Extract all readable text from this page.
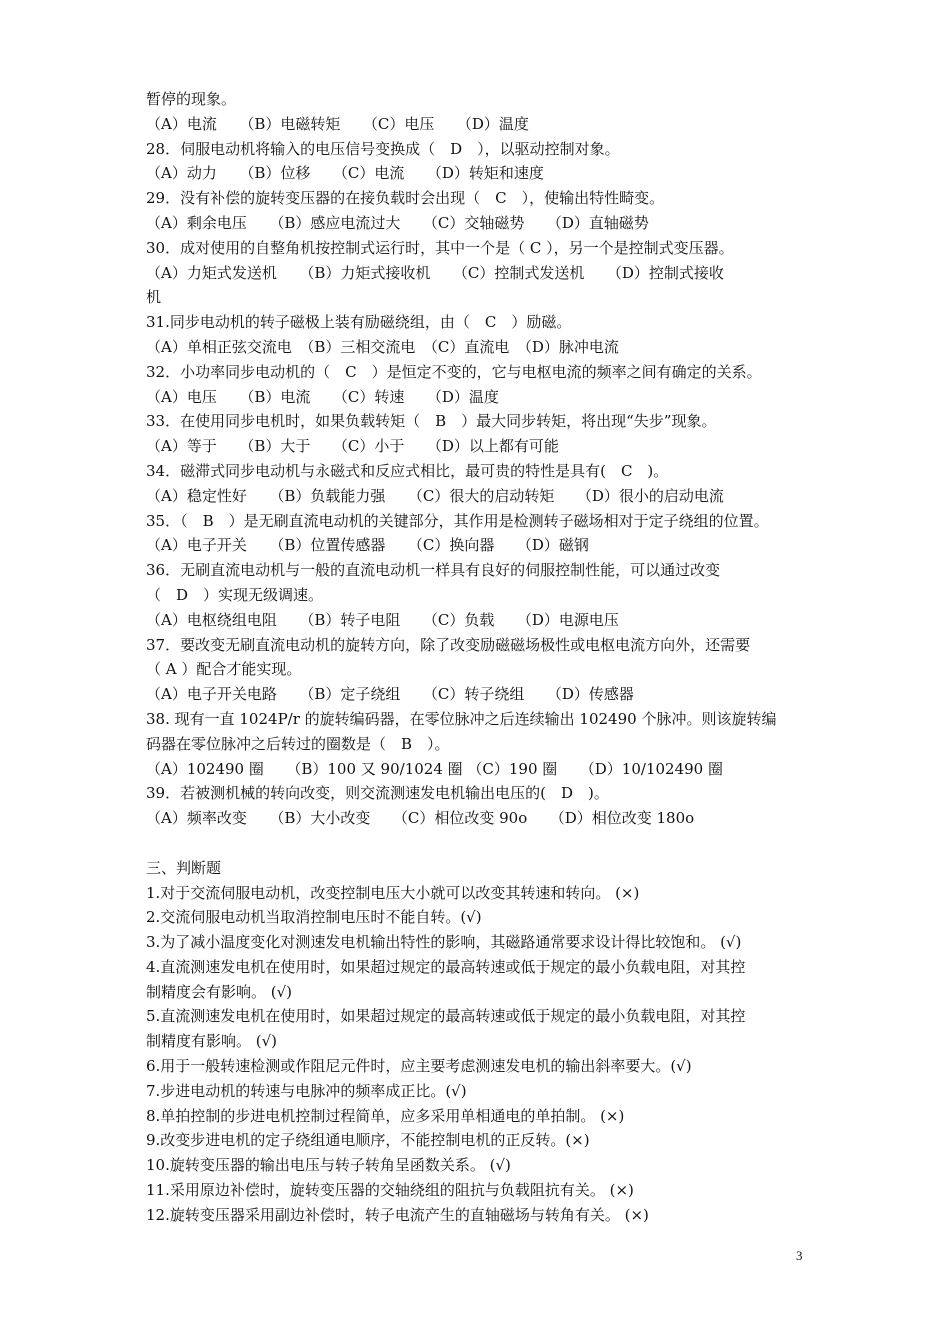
暂停的现象。
（A）电流　　（B）电磁转矩　　（C）电压　　（D）温度
28．伺服电动机将输入的电压信号变换成（　D　），以驱动控制对象。
（A）动力　　（B）位移　　（C）电流　　（D）转矩和速度
29．没有补偿的旋转变压器的在接负载时会出现（　C　），使输出特性畸变。
（A）剩余电压　　（B）感应电流过大　　（C）交轴磁势　　（D）直轴磁势
30．成对使用的自整角机按控制式运行时，其中一个是（ C ），另一个是控制式变压器。
（A）力矩式发送机　　（B）力矩式接收机　　（C）控制式发送机　　（D）控制式接收
机
31.同步电动机的转子磁极上装有励磁绕组，由（　C　）励磁。
（A）单相正弦交流电　（B）三相交流电　（C）直流电　（D）脉冲电流
32．小功率同步电动机的（　C　）是恒定不变的，它与电枢电流的频率之间有确定的关系。
（A）电压　　（B）电流　　（C）转速　　（D）温度
33．在使用同步电机时，如果负载转矩（　B　）最大同步转矩，将出现“失步”现象。
（A）等于　　（B）大于　　（C）小于　　（D）以上都有可能
34．磁滞式同步电动机与永磁式和反应式相比，最可贵的特性是具有(　C　)。
（A）稳定性好　　（B）负载能力强　　（C）很大的启动转矩　　（D）很小的启动电流
35．（　B　）是无刷直流电动机的关键部分，其作用是检测转子磁场相对于定子绕组的位置。
（A）电子开关　　（B）位置传感器　　（C）换向器　　（D）磁钢
36．无刷直流电动机与一般的直流电动机一样具有良好的伺服控制性能，可以通过改变
（　D　）实现无级调速。
（A）电枢绕组电阻　　（B）转子电阻　　（C）负载　　（D）电源电压
37．要改变无刷直流电动机的旋转方向，除了改变励磁磁场极性或电枢电流方向外，还需要
（ A ）配合才能实现。
（A）电子开关电路　　（B）定子绕组　　（C）转子绕组　　（D）传感器
38. 现有一直 1024P/r 的旋转编码器，在零位脉冲之后连续输出 102490 个脉冲。则该旋转编
码器在零位脉冲之后转过的圈数是（　B　）。
（A）102490 圈　　（B）100 又 90/1024 圈 （C）190 圈　　（D）10/102490 圈
39．若被测机械的转向改变，则交流测速发电机输出电压的(　D　)。
（A）频率改变　　（B）大小改变　　（C）相位改变 90o　　（D）相位改变 180o
三、判断题
1.对于交流伺服电动机，改变控制电压大小就可以改变其转速和转向。 (×)
2.交流伺服电动机当取消控制电压时不能自转。(√)
3.为了减小温度变化对测速发电机输出特性的影响，其磁路通常要求设计得比较饱和。 (√)
4.直流测速发电机在使用时，如果超过规定的最高转速或低于规定的最小负载电阻，对其控
制精度会有影响。 (√)
5.直流测速发电机在使用时，如果超过规定的最高转速或低于规定的最小负载电阻，对其控
制精度有影响。 (√)
6.用于一般转速检测或作阻尼元件时，应主要考虑测速发电机的输出斜率要大。(√)
7.步进电动机的转速与电脉冲的频率成正比。(√)
8.单拍控制的步进电机控制过程简单，应多采用单相通电的单拍制。 (×)
9.改变步进电机的定子绕组通电顺序，不能控制电机的正反转。(×)
10.旋转变压器的输出电压与转子转角呈函数关系。 (√)
11.采用原边补偿时，旋转变压器的交轴绕组的阻抗与负载阻抗有关。 (×)
12.旋转变压器采用副边补偿时，转子电流产生的直轴磁场与转角有关。 (×)
3
